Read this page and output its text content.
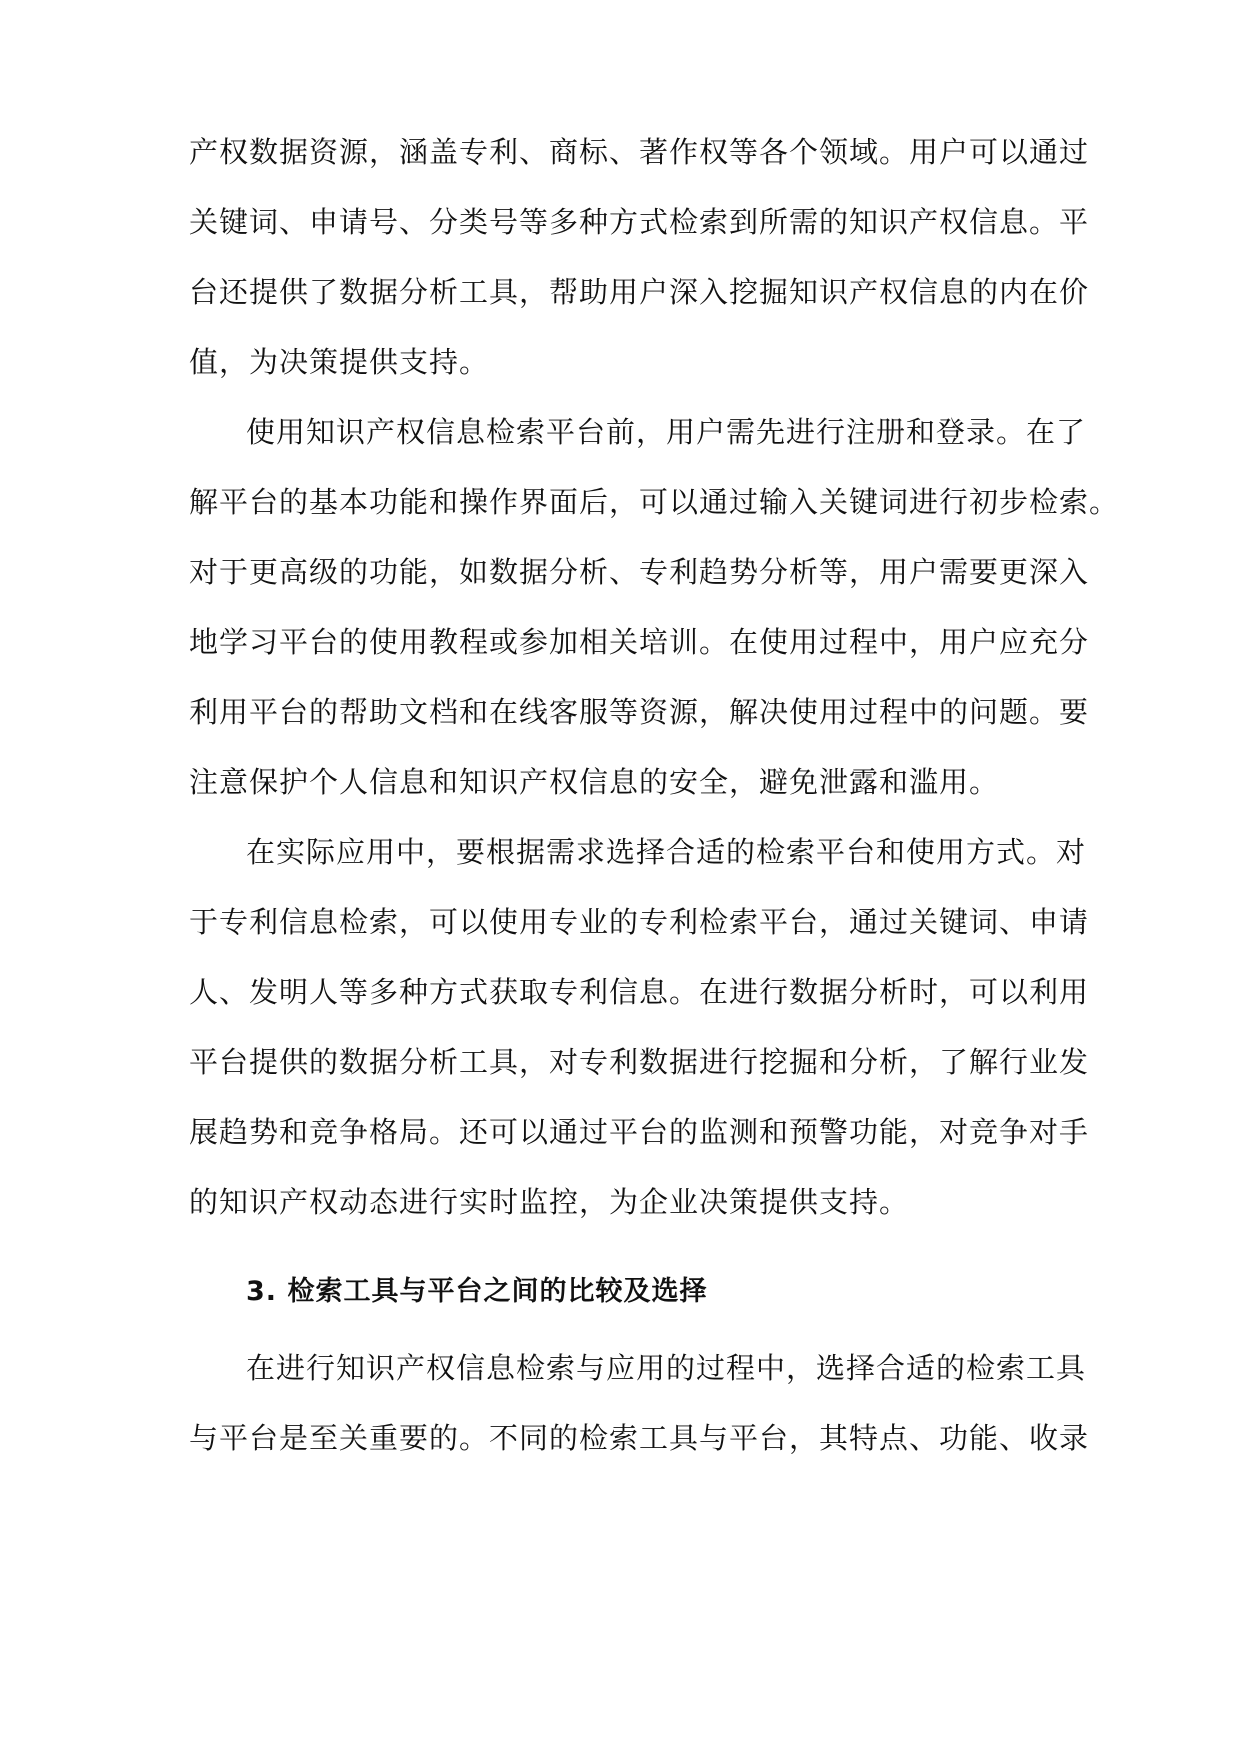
产权数据资源，涵盖专利、商标、著作权等各个领域。用户可以通过
关键词、申请号、分类号等多种方式检索到所需的知识产权信息。平
台还提供了数据分析工具，帮助用户深入挖掘知识产权信息的内在价
值，为决策提供支持。
使用知识产权信息检索平台前，用户需先进行注册和登录。在了
解平台的基本功能和操作界面后，可以通过输入关键词进行初步检索。
对于更高级的功能，如数据分析、专利趋势分析等，用户需要更深入
地学习平台的使用教程或参加相关培训。在使用过程中，用户应充分
利用平台的帮助文档和在线客服等资源，解决使用过程中的问题。要
注意保护个人信息和知识产权信息的安全，避免泄露和滥用。
在实际应用中，要根据需求选择合适的检索平台和使用方式。对
于专利信息检索，可以使用专业的专利检索平台，通过关键词、申请
人、发明人等多种方式获取专利信息。在进行数据分析时，可以利用
平台提供的数据分析工具，对专利数据进行挖掘和分析，了解行业发
展趋势和竞争格局。还可以通过平台的监测和预警功能，对竞争对手
的知识产权动态进行实时监控，为企业决策提供支持。
3. 检索工具与平台之间的比较及选择
在进行知识产权信息检索与应用的过程中，选择合适的检索工具
与平台是至关重要的。不同的检索工具与平台，其特点、功能、收录
